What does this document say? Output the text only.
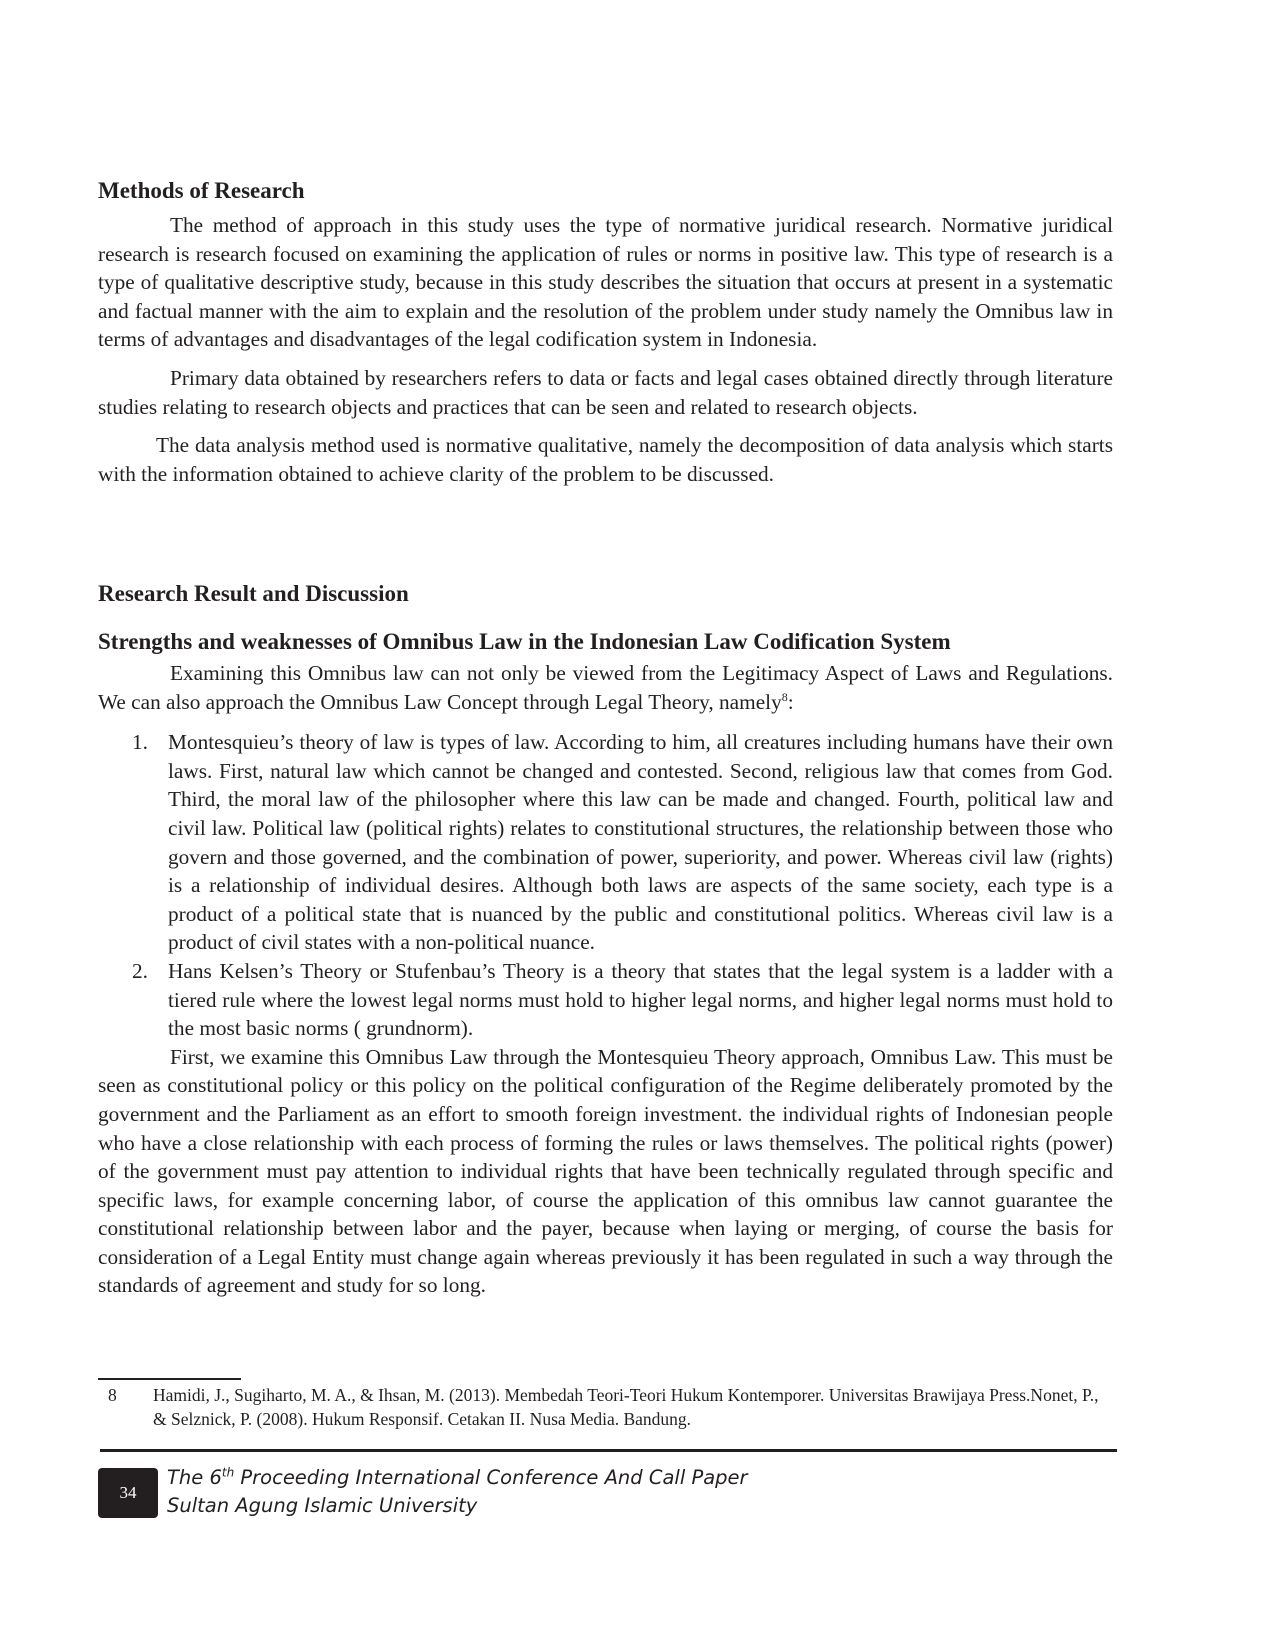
Methods of Research

The method of approach in this study uses the type of normative juridical research. Normative juridical research is research focused on examining the application of rules or norms in positive law. This type of research is a type of qualitative descriptive study, because in this study describes the situation that occurs at present in a systematic and factual manner with the aim to explain and the resolution of the problem under study namely the Omnibus law in terms of advantages and disadvantages of the legal codification system in Indonesia.

Primary data obtained by researchers refers to data or facts and legal cases obtained directly through literature studies relating to research objects and practices that can be seen and related to research objects.

The data analysis method used is normative qualitative, namely the decomposition of data analysis which starts with the information obtained to achieve clarity of the problem to be discussed.

Research Result and Discussion
Strengths and weaknesses of Omnibus Law in the Indonesian Law Codification System

Examining this Omnibus law can not only be viewed from the Legitimacy Aspect of Laws and Regulations. We can also approach the Omnibus Law Concept through Legal Theory, namely$^8$:

1. Montesquieu’s theory of law is types of law. According to him, all creatures including humans have their own laws. First, natural law which cannot be changed and contested. Second, religious law that comes from God. Third, the moral law of the philosopher where this law can be made and changed. Fourth, political law and civil law. Political law (political rights) relates to constitutional structures, the relationship between those who govern and those governed, and the combination of power, superiority, and power. Whereas civil law (rights) is a relationship of individual desires. Although both laws are aspects of the same society, each type is a product of a political state that is nuanced by the public and constitutional politics. Whereas civil law is a product of civil states with a non-political nuance.
2. Hans Kelsen’s Theory or Stufenbau’s Theory is a theory that states that the legal system is a ladder with a tiered rule where the lowest legal norms must hold to higher legal norms, and higher legal norms must hold to the most basic norms ( grundnorm).

First, we examine this Omnibus Law through the Montesquieu Theory approach, Omnibus Law. This must be seen as constitutional policy or this policy on the political configuration of the Regime deliberately promoted by the government and the Parliament as an effort to smooth foreign investment. the individual rights of Indonesian people who have a close relationship with each process of forming the rules or laws themselves. The political rights (power) of the government must pay attention to individual rights that have been technically regulated through specific and specific laws, for example concerning labor, of course the application of this omnibus law cannot guarantee the constitutional relationship between labor and the payer, because when laying or merging, of course the basis for consideration of a Legal Entity must change again whereas previously it has been regulated in such a way through the standards of agreement and study for so long.

8	Hamidi, J., Sugiharto, M. A., & Ihsan, M. (2013). Membedah Teori-Teori Hukum Kontemporer. Universitas Brawijaya Press.Nonet, P., & Selznick, P. (2008). Hukum Responsif. Cetakan II. Nusa Media. Bandung.
34
The 6th Proceeding International Conference And Call Paper
Sultan Agung Islamic University
